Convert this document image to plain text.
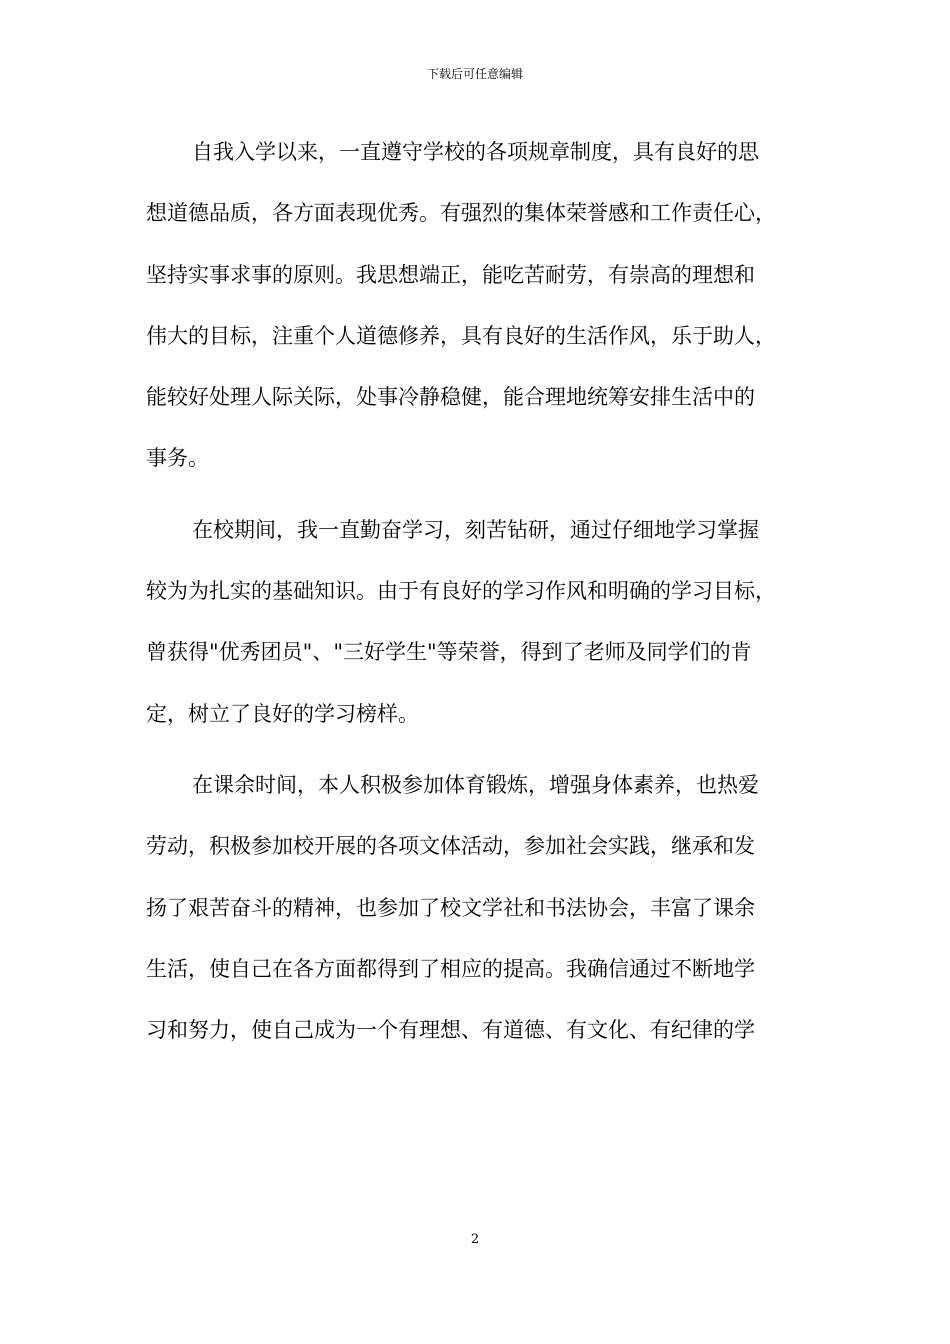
下载后可任意编辑
自我入学以来，一直遵守学校的各项规章制度，具有良好的思
想道德品质，各方面表现优秀。有强烈的集体荣誉感和工作责任心，
坚持实事求事的原则。我思想端正，能吃苦耐劳，有崇高的理想和
伟大的目标，注重个人道德修养，具有良好的生活作风，乐于助人，
能较好处理人际关际，处事冷静稳健，能合理地统筹安排生活中的
事务。
在校期间，我一直勤奋学习，刻苦钻研，通过仔细地学习掌握
较为为扎实的基础知识。由于有良好的学习作风和明确的学习目标，
曾获得"优秀团员"、"三好学生"等荣誉，得到了老师及同学们的肯
定，树立了良好的学习榜样。
在课余时间，本人积极参加体育锻炼，增强身体素养，也热爱
劳动，积极参加校开展的各项文体活动，参加社会实践，继承和发
扬了艰苦奋斗的精神，也参加了校文学社和书法协会，丰富了课余
生活，使自己在各方面都得到了相应的提高。我确信通过不断地学
习和努力，使自己成为一个有理想、有道德、有文化、有纪律的学
2
